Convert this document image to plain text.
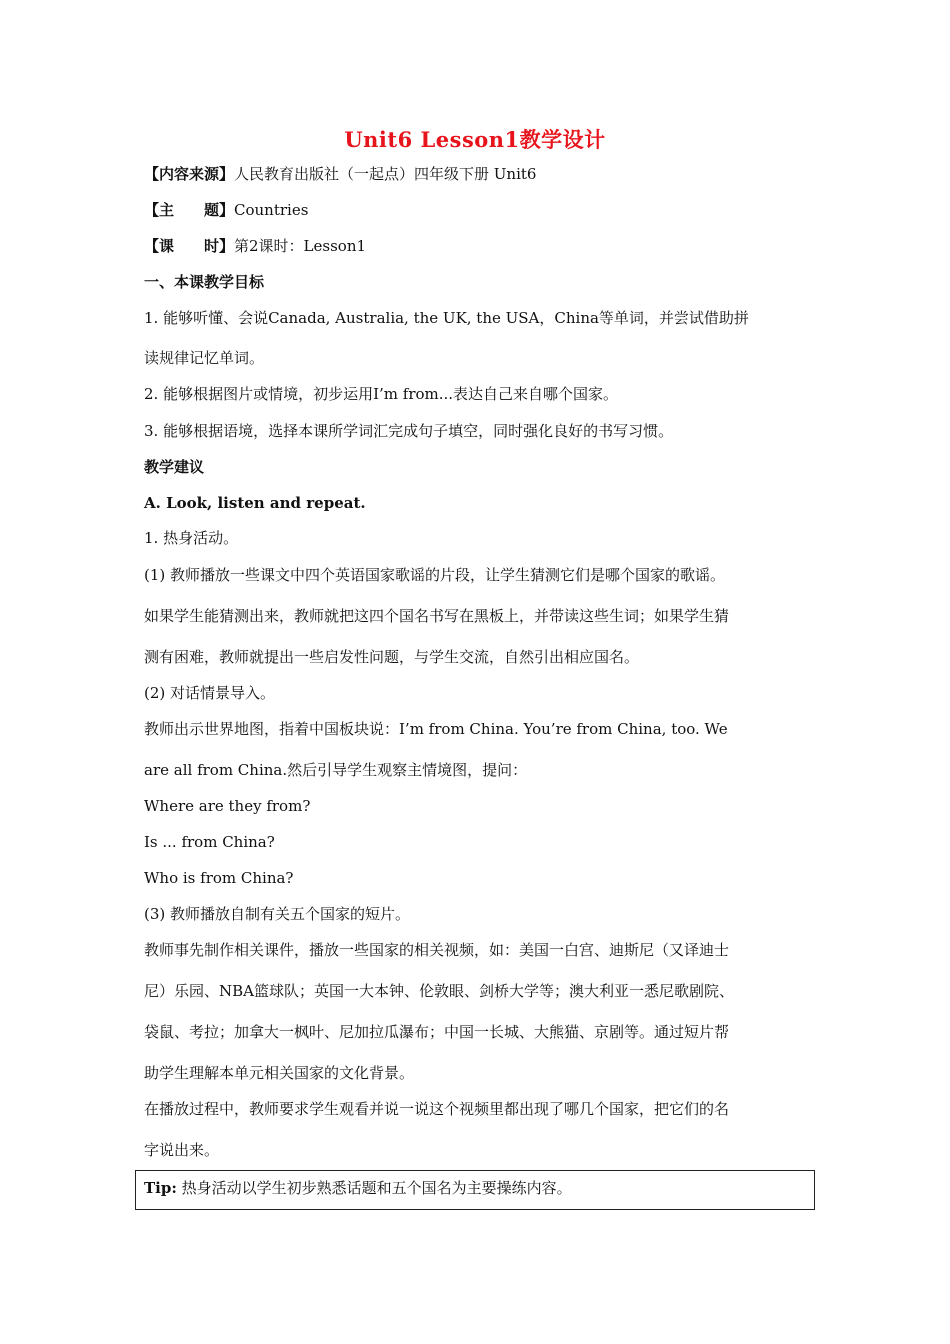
Unit6 Lesson1教学设计
【内容来源】人民教育出版社（一起点）四年级下册 Unit6
【主　　题】Countries
【课　　时】第2课时：Lesson1
一、本课教学目标
1. 能够听懂、会说Canada, Australia, the UK, the USA，China等单词，并尝试借助拼
读规律记忆单词。
2. 能够根据图片或情境，初步运用I’m from...表达自己来自哪个国家。
3. 能够根据语境，选择本课所学词汇完成句子填空，同时强化良好的书写习惯。
教学建议
A. Look, listen and repeat.
1. 热身活动。
(1) 教师播放一些课文中四个英语国家歌谣的片段，让学生猜测它们是哪个国家的歌谣。
如果学生能猜测出来，教师就把这四个国名书写在黑板上，并带读这些生词；如果学生猜
测有困难，教师就提出一些启发性问题，与学生交流，自然引出相应国名。
(2) 对话情景导入。
教师出示世界地图，指着中国板块说：I’m from China. You’re from China, too. We
are all from China.然后引导学生观察主情境图，提问：
Where are they from?
Is ... from China?
Who is from China?
(3) 教师播放自制有关五个国家的短片。
教师事先制作相关课件，播放一些国家的相关视频，如：美国一白宫、迪斯尼（又译迪士
尼）乐园、NBA篮球队；英国一大本钟、伦敦眼、剑桥大学等；澳大利亚一悉尼歌剧院、
袋鼠、考拉；加拿大一枫叶、尼加拉瓜瀑布；中国一长城、大熊猫、京剧等。通过短片帮
助学生理解本单元相关国家的文化背景。
在播放过程中，教师要求学生观看并说一说这个视频里都出现了哪几个国家，把它们的名
字说出来。
Tip: 热身活动以学生初步熟悉话题和五个国名为主要操练内容。
